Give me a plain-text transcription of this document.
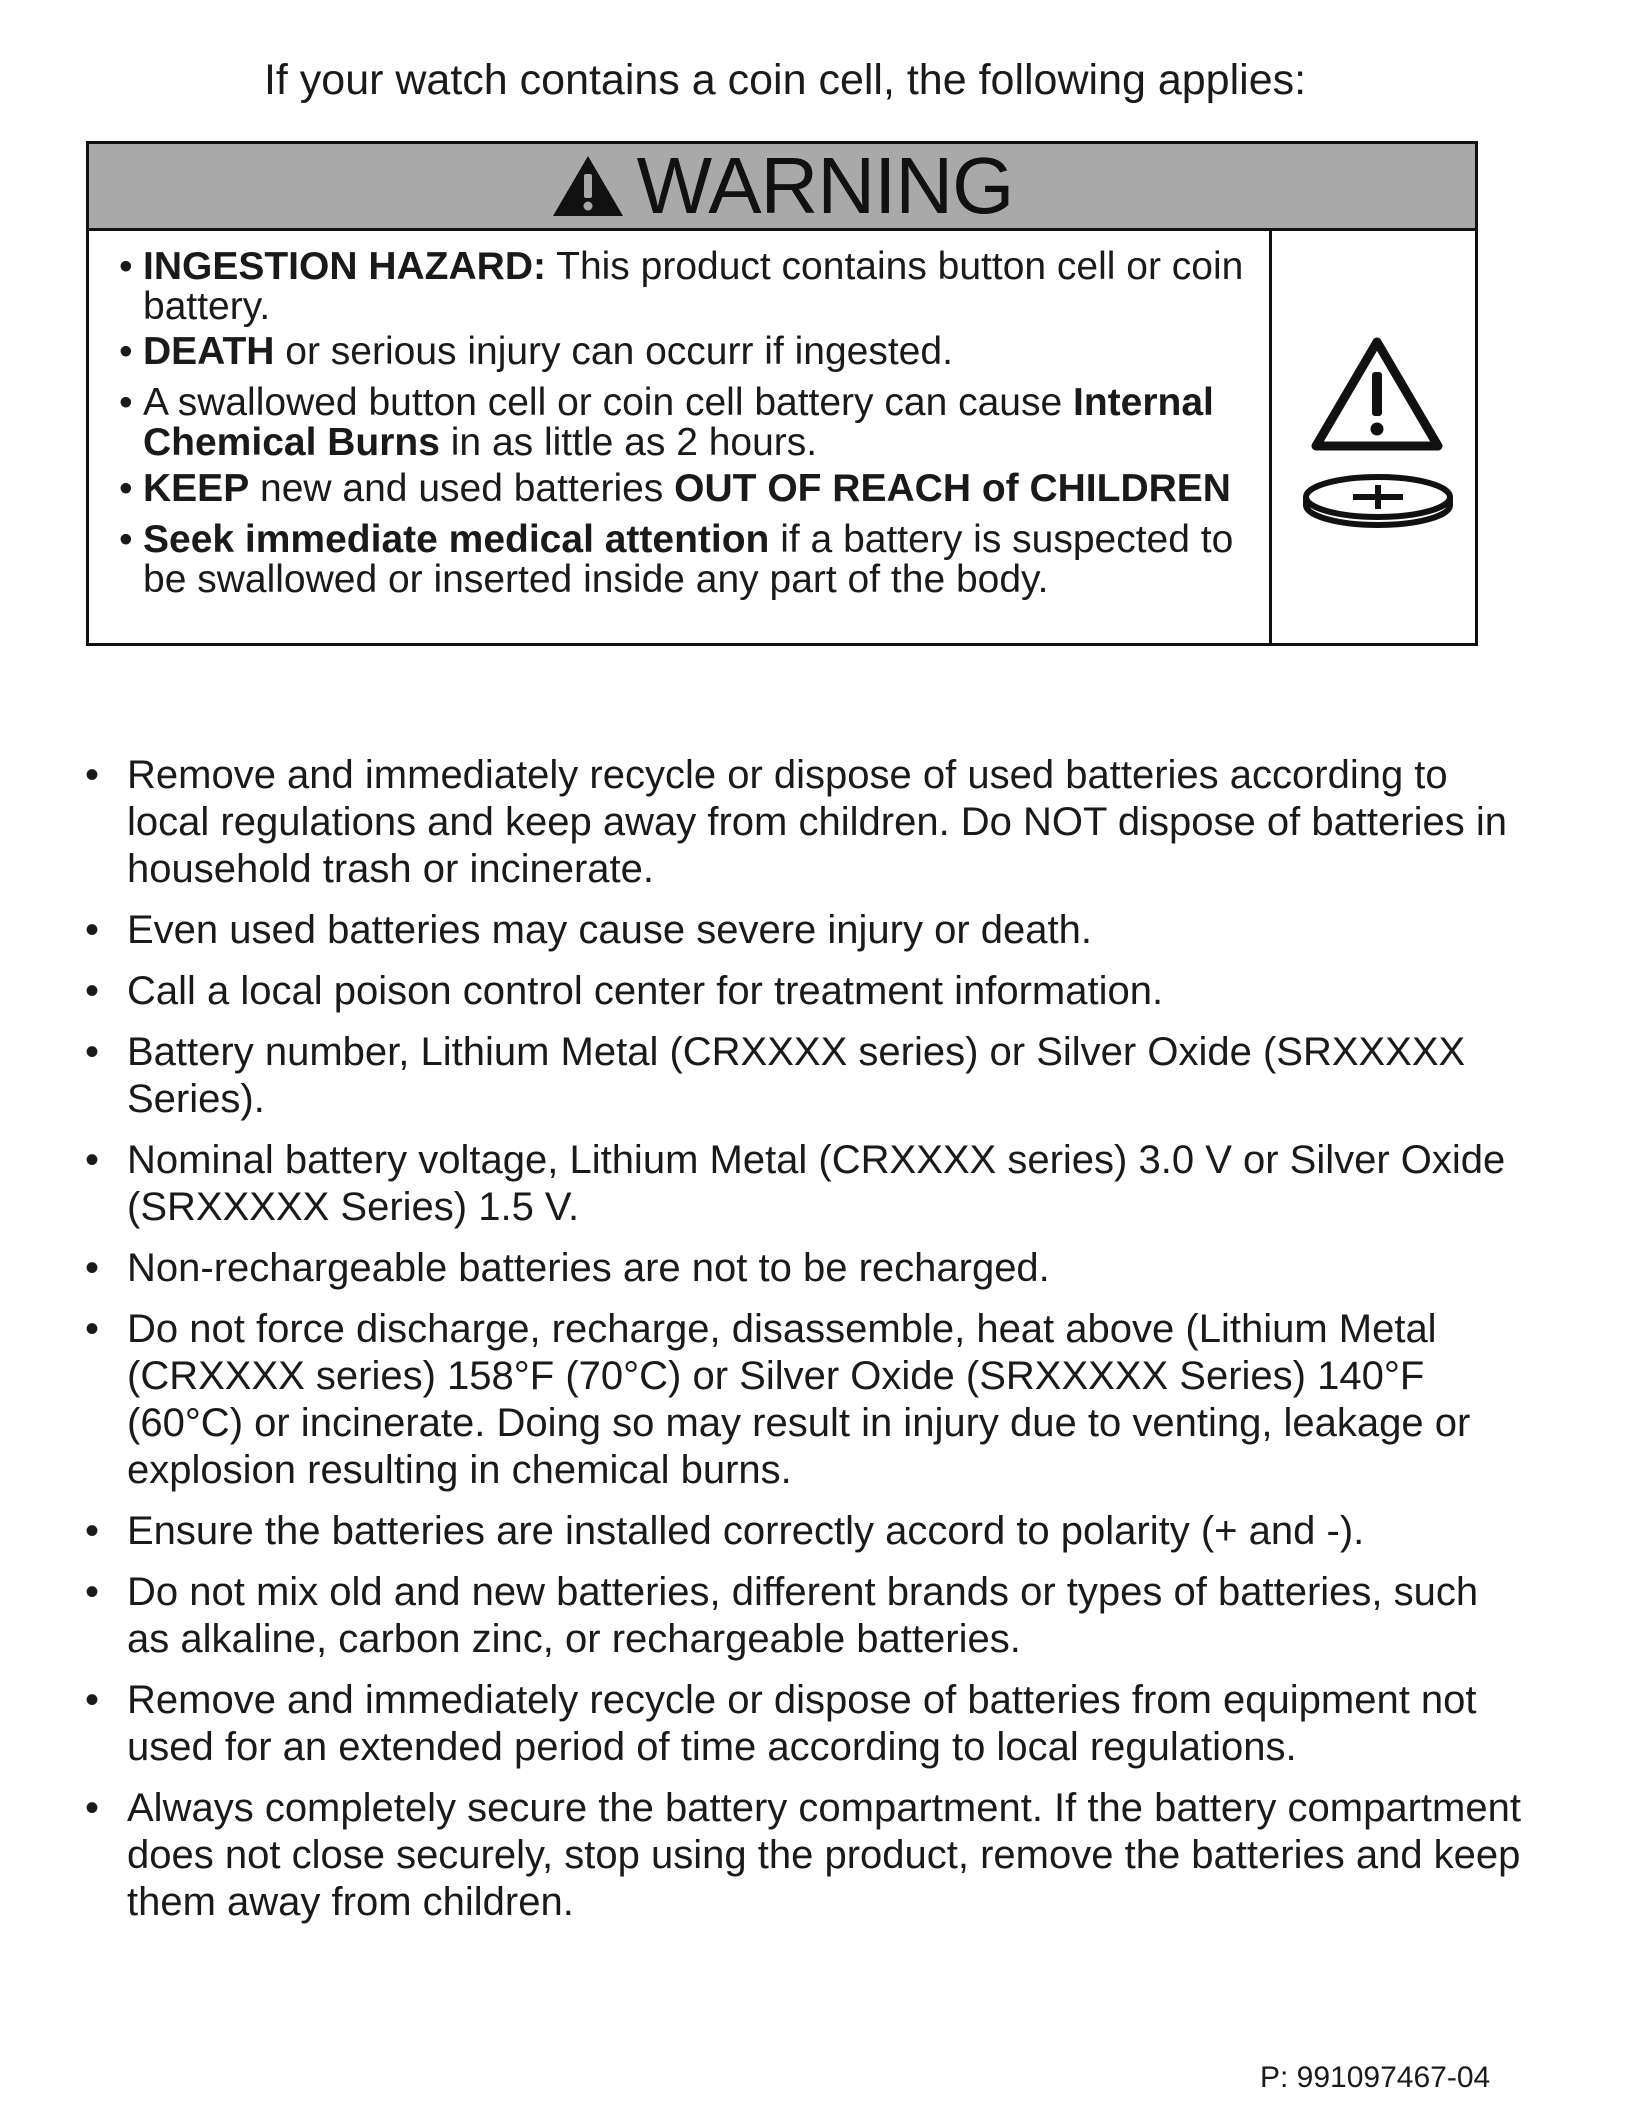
If your watch contains a coin cell, the following applies:
WARNING
• INGESTION HAZARD: This product contains button cell or coin battery.
• DEATH or serious injury can occurr if ingested.
• A swallowed button cell or coin cell battery can cause Internal Chemical Burns in as little as 2 hours.
• KEEP new and used batteries OUT OF REACH of CHILDREN
• Seek immediate medical attention if a battery is suspected to be swallowed or inserted inside any part of the body.
• Remove and immediately recycle or dispose of used batteries according to local regulations and keep away from children. Do NOT dispose of batteries in household trash or incinerate.
• Even used batteries may cause severe injury or death.
• Call a local poison control center for treatment information.
• Battery number, Lithium Metal (CRXXXX series) or Silver Oxide (SRXXXXX Series).
• Nominal battery voltage, Lithium Metal (CRXXXX series) 3.0 V or Silver Oxide (SRXXXXX Series) 1.5 V.
• Non-rechargeable batteries are not to be recharged.
• Do not force discharge, recharge, disassemble, heat above (Lithium Metal (CRXXXX series) 158°F (70°C) or Silver Oxide (SRXXXXX Series) 140°F (60°C) or incinerate. Doing so may result in injury due to venting, leakage or explosion resulting in chemical burns.
• Ensure the batteries are installed correctly accord to polarity (+ and -).
• Do not mix old and new batteries, different brands or types of batteries, such as alkaline, carbon zinc, or rechargeable batteries.
• Remove and immediately recycle or dispose of batteries from equipment not used for an extended period of time according to local regulations.
• Always completely secure the battery compartment. If the battery compartment does not close securely, stop using the product, remove the batteries and keep them away from children.
P: 991097467-04
